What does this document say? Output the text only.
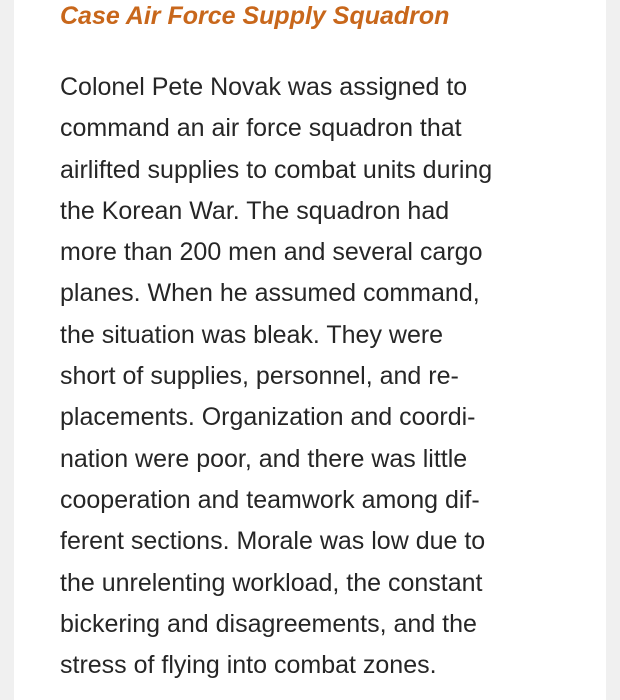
Case Air Force Supply Squadron

Colonel Pete Novak was assigned to
command an air force squadron that
airlifted supplies to combat units during
the Korean War. The squadron had
more than 200 men and several cargo
planes. When he assumed command,
the situation was bleak. They were
short of supplies, personnel, and re-
placements. Organization and coordi-
nation were poor, and there was little
cooperation and teamwork among dif-
ferent sections. Morale was low due to
the unrelenting workload, the constant
bickering and disagreements, and the
stress of flying into combat zones.
